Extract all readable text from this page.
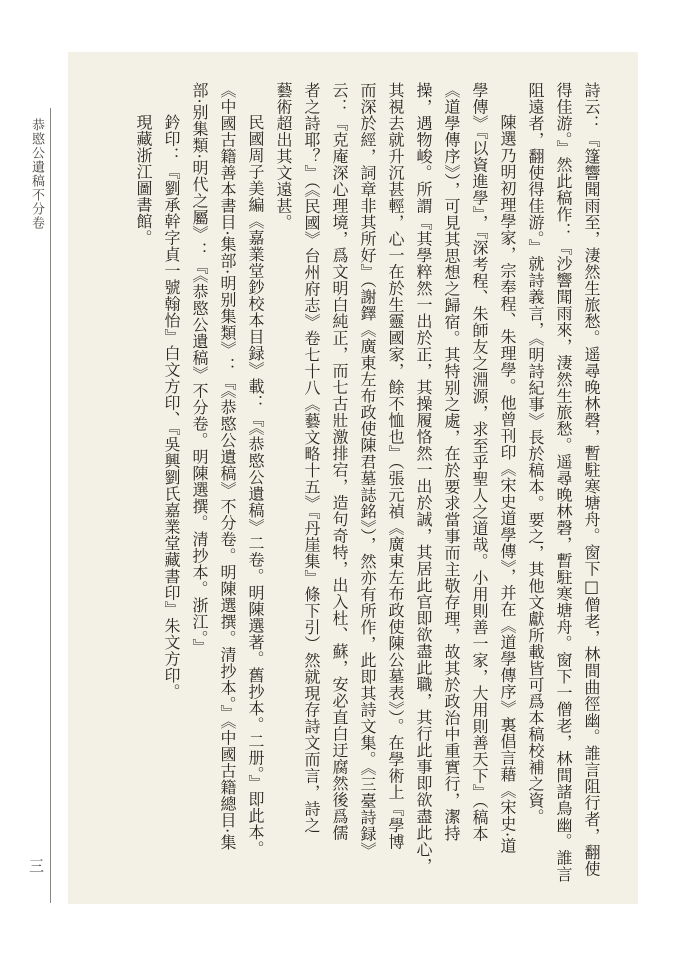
恭愍公遺稿不分卷
三	詩云：『篷響聞雨至，淒然生旅愁。遥尋晚林磬，暫駐寒塘舟。窗下□僧老，林間曲徑幽。誰言阻行者，翻使
得佳游。』然此稿作：『沙響聞雨來，淒然生旅愁。遥尋晚林磬，暫駐寒塘舟。窗下一僧老，林間諸鳥幽。誰言
阻遠者，翻使得佳游。』就詩義言，《明詩紀事》長於稿本。要之，其他文獻所載皆可爲本稿校補之資。
陳選乃明初理學家，宗奉程、朱理學。他曾刊印《宋史道學傳》，并在《道學傳序》裏倡言藉《宋史·道
學傳》『以資進學』，『深考程、朱師友之淵源，求至乎聖人之道哉。小用則善一家，大用則善天下』（稿本
《道學傳序》），可見其思想之歸宿。其特别之處，在於要求當事而主敬存理，故其於政治中重實行，潔持
操，遇物峻。所謂『其學粹然一出於正，其操履恪然一出於誠，其居此官即欲盡此職，其行此事即欲盡此心，
其視去就升沉甚輕，心一在於生靈國家，餘不恤也』（張元禎《廣東左布政使陳公墓表》）。在學術上『學博
而深於經，詞章非其所好』（謝鐸《廣東左布政使陳君墓誌銘》），然亦有所作，此即其詩文集。《三臺詩録》
云：『克庵深心理境，爲文明白純正，而七古壯激排宕，造句奇特，出入杜、蘇，安必直白迂腐然後爲儒
者之詩耶？』（《民國》台州府志》卷七十八《藝文略十五》『丹崖集』條下引）然就現存詩文而言，詩之
藝術超出其文遠甚。
民國周子美編《嘉業堂鈔校本目録》載：『《恭愍公遺稿》二卷。明陳選著。舊抄本。二册。』即此本。
《中國古籍善本書目·集部·明别集類》：『《恭愍公遺稿》不分卷。明陳選撰。清抄本。』《中國古籍總目·集
部·别集類·明代之屬》：『《恭愍公遺稿》不分卷。明陳選撰。清抄本。浙江。』
鈐印：『劉承幹字貞一號翰怡』白文方印、『吳興劉氏嘉業堂藏書印』朱文方印。
現藏浙江圖書館。
